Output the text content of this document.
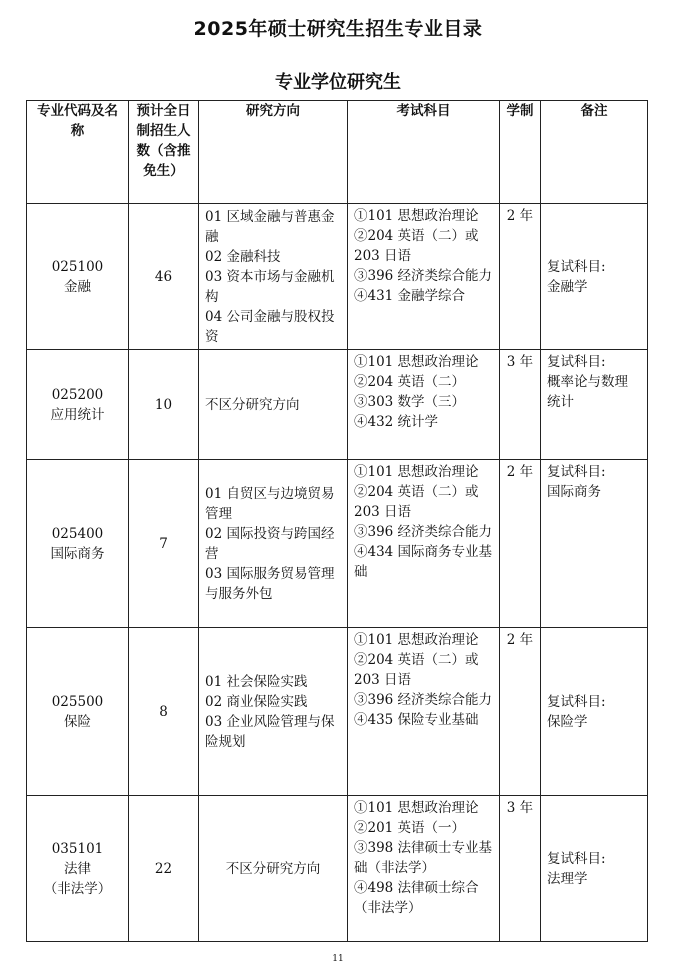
2025年硕士研究生招生专业目录
专业学位研究生
专业代码及名称	预计全日制招生人数（含推免生）	研究方向	考试科目	学制	备注

025100
金融	46	01 区域金融与普惠金融
02 金融科技
03 资本市场与金融机构
04 公司金融与股权投资	①101 思想政治理论
②204 英语（二）或 203 日语
③396 经济类综合能力
④431 金融学综合	2 年	复试科目:
金融学

025200
应用统计	10	不区分研究方向	①101 思想政治理论
②204 英语（二）
③303 数学（三）
④432 统计学	3 年	复试科目:
概率论与数理统计

025400
国际商务	7	01 自贸区与边境贸易管理
02 国际投资与跨国经营
03 国际服务贸易管理与服务外包	①101 思想政治理论
②204 英语（二）或 203 日语
③396 经济类综合能力
④434 国际商务专业基础	2 年	复试科目:
国际商务

025500
保险	8	01 社会保险实践
02 商业保险实践
03 企业风险管理与保险规划	①101 思想政治理论
②204 英语（二）或 203 日语
③396 经济类综合能力
④435 保险专业基础	2 年	复试科目:
保险学

035101
法律
（非法学）	22	不区分研究方向	①101 思想政治理论
②201 英语（一）
③398 法律硕士专业基础（非法学）
④498 法律硕士综合（非法学）	3 年	复试科目:
法理学
11
